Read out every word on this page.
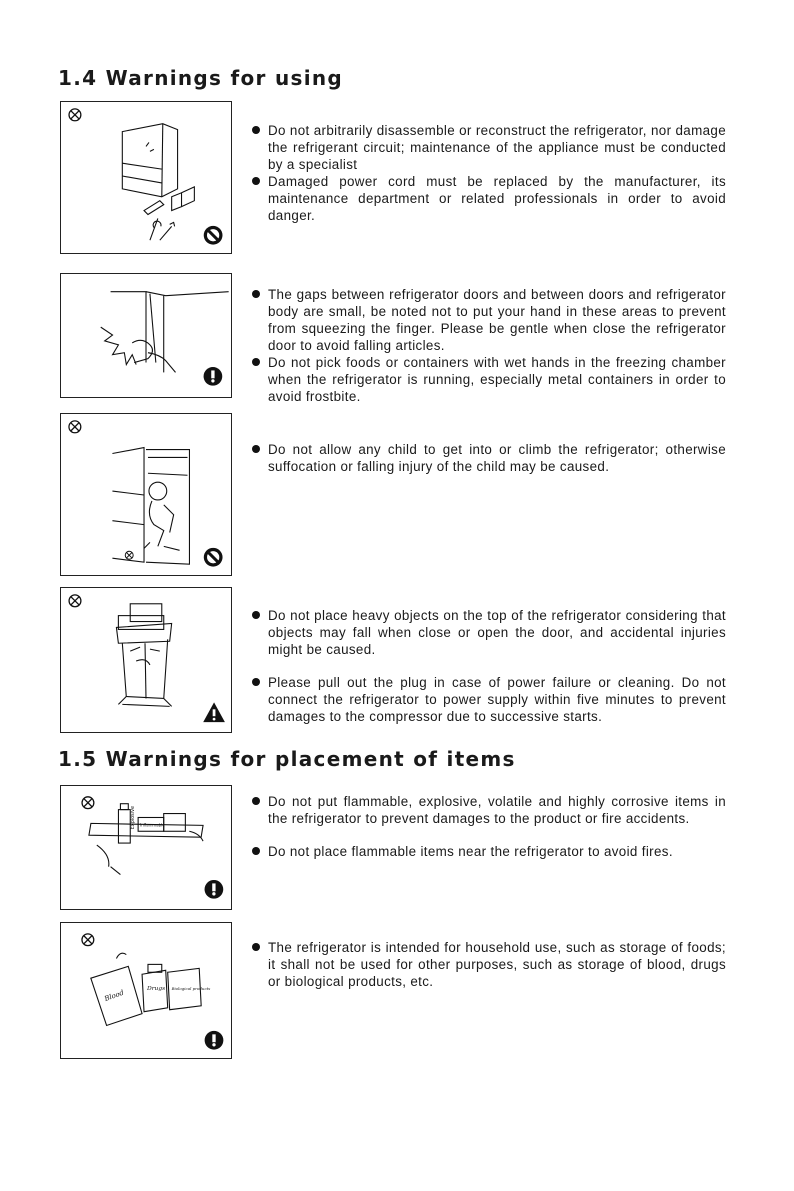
1.4 Warnings for using
Do not arbitrarily disassemble or reconstruct the refrigerator, nor damage the refrigerant circuit; maintenance of the appliance must be conducted by a specialist
Damaged power cord must be replaced by the manufacturer, its maintenance department or related professionals in order to avoid danger.
The gaps between refrigerator doors and between doors and refrigerator body are small, be noted not to put your hand in these areas to prevent from squeezing the finger. Please be gentle when close the refrigerator door to avoid falling articles.
Do not pick foods or containers with wet hands in the freezing chamber when the refrigerator is running, especially metal containers in order to avoid frostbite.
Do not allow any child to get into or climb the refrigerator; otherwise suffocation or falling injury of the child may be caused.
Do not place heavy objects on the top of the refrigerator considering that objects may fall when close or open the door, and accidental injuries might be caused.
Please pull out the plug in case of power failure or cleaning. Do not connect the refrigerator to power supply within five minutes to prevent damages to the compressor due to successive starts.
1.5 Warnings for placement of items
Explosive Inflammable
Do not put flammable, explosive, volatile and highly corrosive items in the refrigerator to prevent damages to the product or fire accidents.
Do not place flammable items near the refrigerator to avoid fires.
Blood	Drugs Biological products
The refrigerator is intended for household use, such as storage of foods; it shall not be used for other purposes, such as storage of blood, drugs or biological products, etc.
